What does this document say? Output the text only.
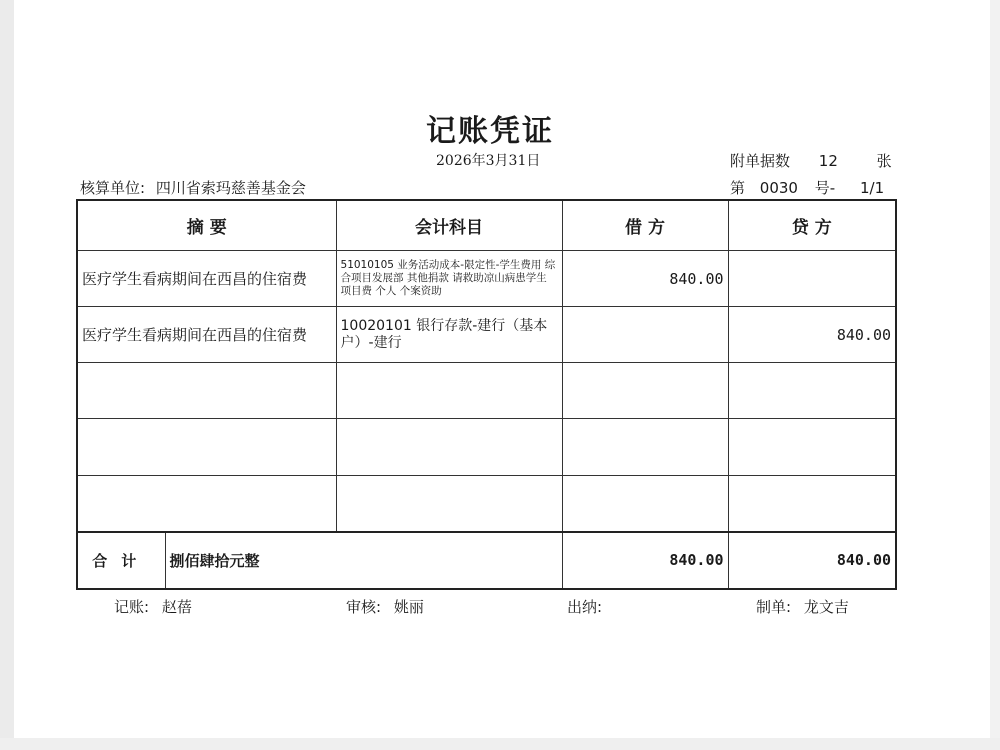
记账凭证
2026年3月31日	附单据数 12	张
核算单位: 四川省索玛慈善基金会	第 0030 号- 1/1
摘 要		会计科目	借 方	贷 方
医疗学生看病期间在西昌的住宿费		51010105 业务活动成本-限定性-学生费用 综合项目发展部 其他捐款 请救助凉山病患学生 项目费 个人 个案资助	840.00	
医疗学生看病期间在西昌的住宿费		10020101 银行存款-建行（基本户）-建行		840.00

合计	捌佰肆拾元整		840.00	840.00
记账: 赵蓓	审核: 姚丽	出纳:	制单: 龙文吉
